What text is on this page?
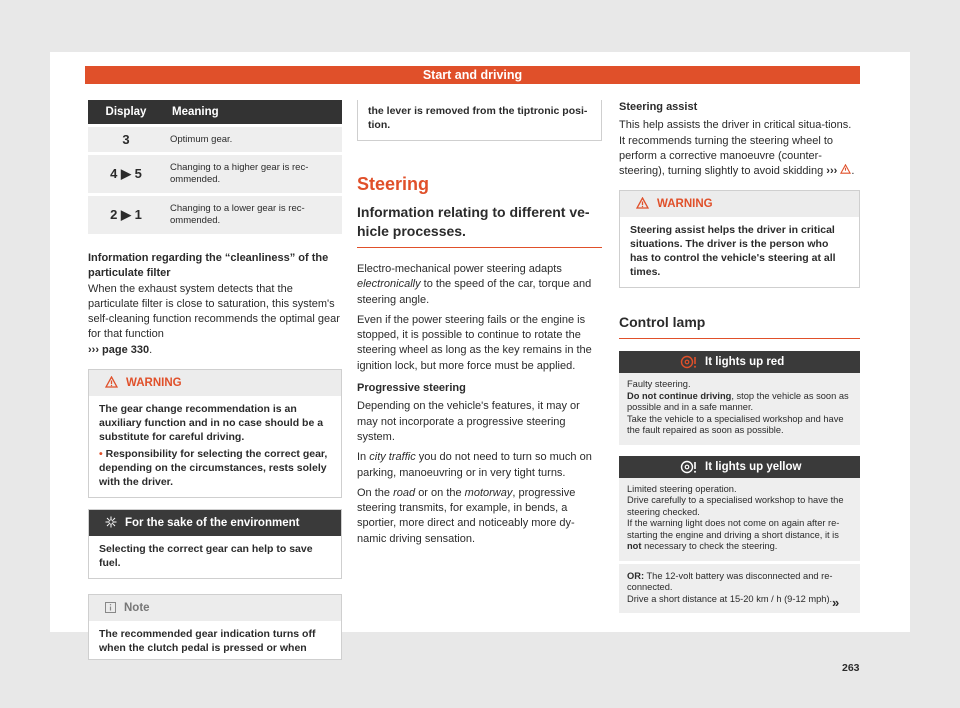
Start and driving
Display	Meaning
3	Optimum gear.
4 ▶ 5	Changing to a higher gear is rec-ommended.
2 ▶ 1	Changing to a lower gear is rec-ommended.

Information regarding the “cleanliness” of the particulate filter

When the exhaust system detects that the particulate filter is close to saturation, this system's self-cleaning function recommends the optimal gear for that function
››› page 330.

WARNING
The gear change recommendation is an auxiliary function and in no case should be a substitute for careful driving.
• Responsibility for selecting the correct gear, depending on the circumstances, rests solely with the driver.
For the sake of the environment
Selecting the correct gear can help to save fuel.
Note
The recommended gear indication turns off when the clutch pedal is pressed or when
the lever is removed from the tiptronic posi-tion.
Steering
Information relating to different ve-hicle processes.

Electro-mechanical power steering adapts electronically to the speed of the car, torque and steering angle.

Even if the power steering fails or the engine is stopped, it is possible to continue to rotate the steering wheel as long as the key remains in the ignition lock, but more force must be applied.

Progressive steering

Depending on the vehicle's features, it may or may not incorporate a progressive steering system.

In city traffic you do not need to turn so much on parking, manoeuvring or in very tight turns.

On the road or on the motorway, progressive steering transmits, for example, in bends, a sportier, more direct and noticeably more dy-namic driving sensation.

Steering assist

This help assists the driver in critical situa-tions. It recommends turning the steering wheel to perform a corrective manoeuvre (counter-steering), turning slightly to avoid skidding ››› .

WARNING
Steering assist helps the driver in critical situations. The driver is the person who has to control the vehicle's steering at all times.
Control lamp
It lights up red
Faulty steering.
Do not continue driving, stop the vehicle as soon as possible and in a safe manner.
Take the vehicle to a specialised workshop and have the fault repaired as soon as possible.
It lights up yellow
Limited steering operation.
Drive carefully to a specialised workshop to have the steering checked.
If the warning light does not come on again after re-starting the engine and driving a short distance, it is not necessary to check the steering.
OR: The 12-volt battery was disconnected and re-connected.
Drive a short distance at 15-20 km / h (9-12 mph). »
263
